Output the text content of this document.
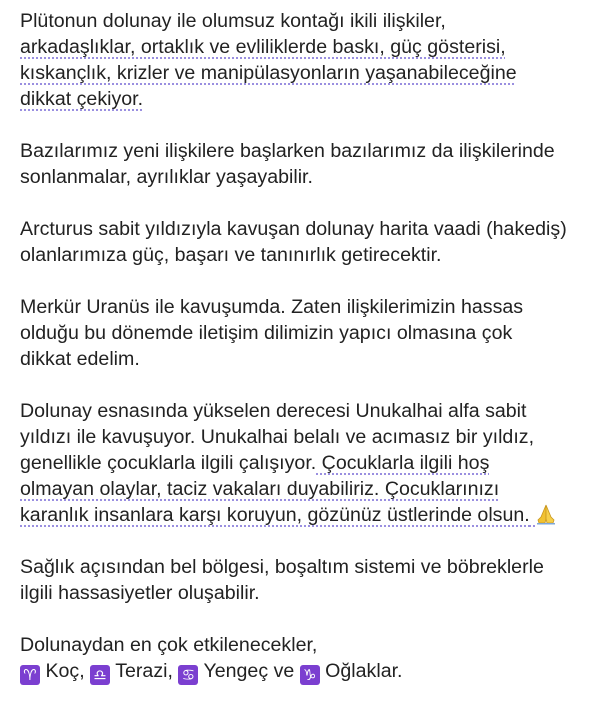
Plütonun dolunay ile olumsuz kontağı ikili ilişkiler,
arkadaşlıklar, ortaklık ve evliliklerde baskı, güç gösterisi,
kıskançlık, krizler ve manipülasyonların yaşanabileceğine
dikkat çekiyor.

Bazılarımız yeni ilişkilere başlarken bazılarımız da ilişkilerinde
sonlanmalar, ayrılıklar yaşayabilir.

Arcturus sabit yıldızıyla kavuşan dolunay harita vaadi (hakediş)
olanlarımıza güç, başarı ve tanınırlık getirecektir.

Merkür Uranüs ile kavuşumda. Zaten ilişkilerimizin hassas
olduğu bu dönemde iletişim dilimizin yapıcı olmasına çok
dikkat edelim.

Dolunay esnasında yükselen derecesi Unukalhai alfa sabit
yıldızı ile kavuşuyor. Unukalhai belalı ve acımasız bir yıldız,
genellikle çocuklarla ilgili çalışıyor. Çocuklarla ilgili hoş
olmayan olaylar, taciz vakaları duyabiliriz. Çocuklarınızı
karanlık insanlara karşı koruyun, gözünüz üstlerinde olsun.

Sağlık açısından bel bölgesi, boşaltım sistemi ve böbreklerle
ilgili hassasiyetler oluşabilir.

Dolunaydan en çok etkilenecekler,
♈ Koç, ♎ Terazi, ♋ Yengeç ve ♑ Oğlaklar.
